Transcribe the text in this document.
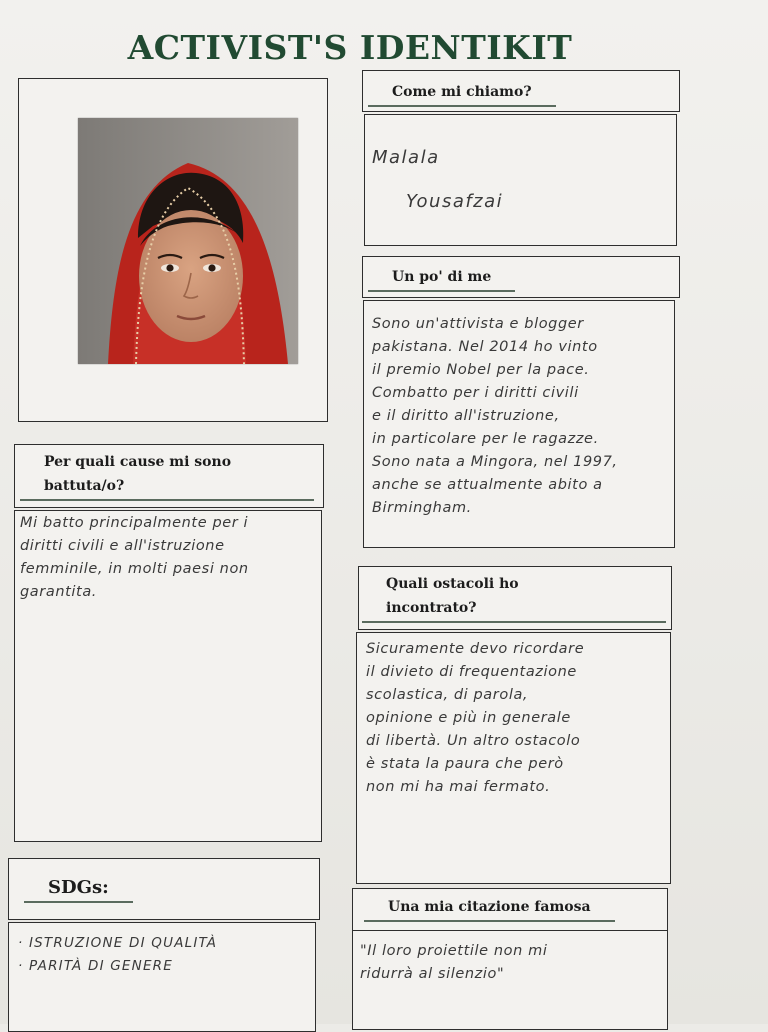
ACTIVIST'S IDENTIKIT
Come mi chiamo?
Malala
Yousafzai
Un po' di me
Sono un'attivista e blogger
pakistana. Nel 2014 ho vinto
il premio Nobel per la pace.
Combatto per i diritti civili
e il diritto all'istruzione,
in particolare per le ragazze.
Sono nata a Mingora, nel 1997,
anche se attualmente abito a
Birmingham.
Per quali cause mi sono
battuta/o?
Mi batto principalmente per i
diritti civili e all'istruzione
femminile, in molti paesi non
garantita.	Quali ostacoli ho
incontrato?
Sicuramente devo ricordare
il divieto di frequentazione
scolastica, di parola,
opinione e più in generale
di libertà. Un altro ostacolo
è stata la paura che però
non mi ha mai fermato.
SDGs:
· ISTRUZIONE DI QUALITÀ
· PARITÀ DI GENERE
Una mia citazione famosa
"Il loro proiettile non mi
ridurrà al silenzio"
